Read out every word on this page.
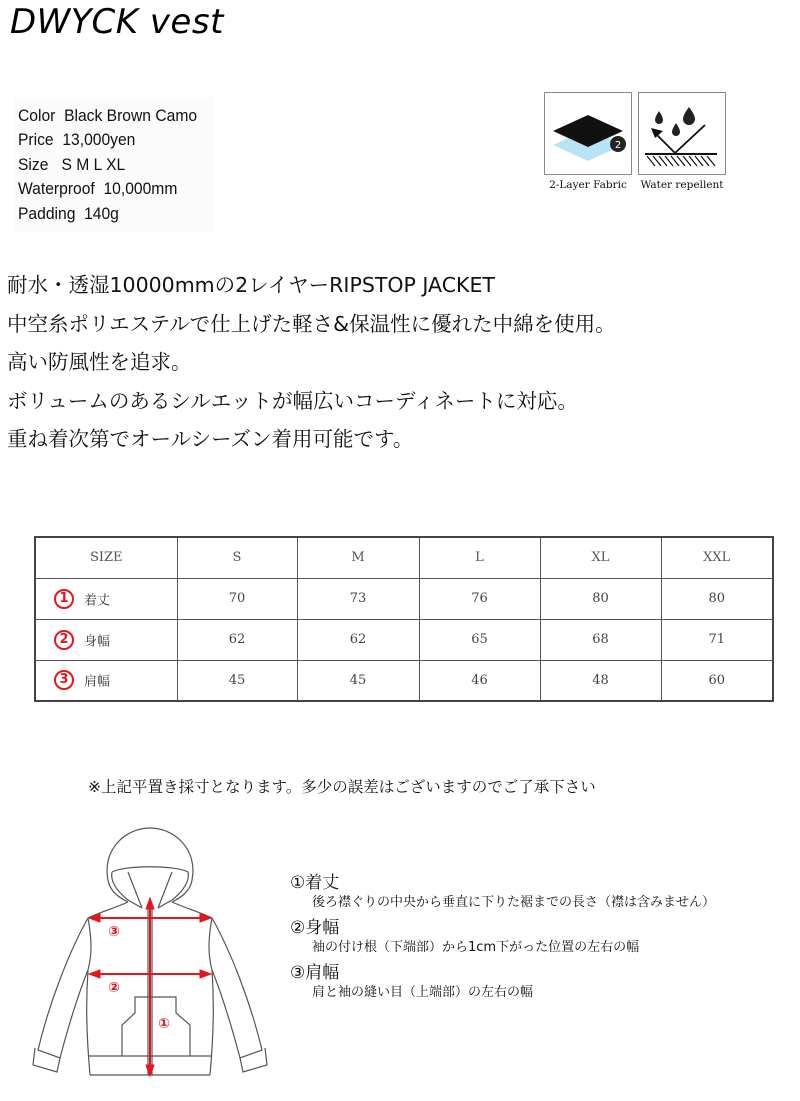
DWYCK vest
Color  Black Brown Camo
Price  13,000yen
Size   S M L XL
Waterproof  10,000mm
Padding  140g
2
2-Layer Fabric	Water repellent
耐水・透湿10000mmの2レイヤーRIPSTOP JACKET
中空糸ポリエステルで仕上げた軽さ&保温性に優れた中綿を使用。
高い防風性を追求。
ボリュームのあるシルエットが幅広いコーディネートに対応。
重ね着次第でオールシーズン着用可能です。
SIZE	S	M	L	XL	XXL
1 着丈	70	73	76	80	80
2 身幅	62	62	65	68	71
3 肩幅	45	45	46	48	60
※上記平置き採寸となります。多少の誤差はございますのでご了承下さい
③
②
①
①着丈
後ろ襟ぐりの中央から垂直に下りた裾までの長さ（襟は含みません）
②身幅
袖の付け根（下端部）から1cm下がった位置の左右の幅
③肩幅
肩と袖の縫い目（上端部）の左右の幅
